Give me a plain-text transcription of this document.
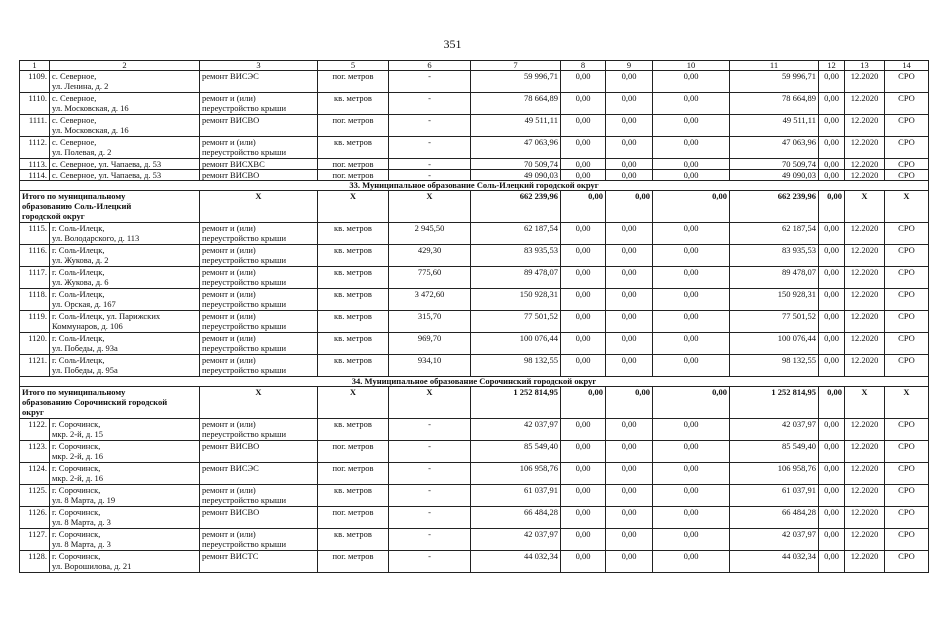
351
1	2	3	5	6	7	8	9	10	11	12	13	14
1109.	с. Северное,
ул. Ленина, д. 2	ремонт ВИСЭС	пог. метров	-	59 996,71	0,00	0,00	0,00	59 996,71	0,00	12.2020	СРО
1110.	с. Северное,
ул. Московская, д. 16	ремонт и (или)
переустройство крыши	кв. метров	-	78 664,89	0,00	0,00	0,00	78 664,89	0,00	12.2020	СРО
1111.	с. Северное,
ул. Московская, д. 16	ремонт ВИСВО	пог. метров	-	49 511,11	0,00	0,00	0,00	49 511,11	0,00	12.2020	СРО
1112.	с. Северное,
ул. Полевая, д. 2	ремонт и (или)
переустройство крыши	кв. метров	-	47 063,96	0,00	0,00	0,00	47 063,96	0,00	12.2020	СРО
1113.	с. Северное, ул. Чапаева, д. 53	ремонт ВИСХВС	пог. метров	-	70 509,74	0,00	0,00	0,00	70 509,74	0,00	12.2020	СРО
1114.	с. Северное, ул. Чапаева, д. 53	ремонт ВИСВО	пог. метров	-	49 090,03	0,00	0,00	0,00	49 090,03	0,00	12.2020	СРО
33. Муниципальное образование Соль-Илецкий городской округ												
Итого по муниципальному
образованию Соль-Илецкий
городской округ		Х	Х	Х	662 239,96	0,00	0,00	0,00	662 239,96	0,00	Х	Х
1115.	г. Соль-Илецк,
ул. Володарского, д. 113	ремонт и (или)
переустройство крыши	кв. метров	2 945,50	62 187,54	0,00	0,00	0,00	62 187,54	0,00	12.2020	СРО
1116.	г. Соль-Илецк,
ул. Жукова, д. 2	ремонт и (или)
переустройство крыши	кв. метров	429,30	83 935,53	0,00	0,00	0,00	83 935,53	0,00	12.2020	СРО
1117.	г. Соль-Илецк,
ул. Жукова, д. 6	ремонт и (или)
переустройство крыши	кв. метров	775,60	89 478,07	0,00	0,00	0,00	89 478,07	0,00	12.2020	СРО
1118.	г. Соль-Илецк,
ул. Орская, д. 167	ремонт и (или)
переустройство крыши	кв. метров	3 472,60	150 928,31	0,00	0,00	0,00	150 928,31	0,00	12.2020	СРО
1119.	г. Соль-Илецк, ул. Парижских
Коммунаров, д. 106	ремонт и (или)
переустройство крыши	кв. метров	315,70	77 501,52	0,00	0,00	0,00	77 501,52	0,00	12.2020	СРО
1120.	г. Соль-Илецк,
ул. Победы, д. 93а	ремонт и (или)
переустройство крыши	кв. метров	969,70	100 076,44	0,00	0,00	0,00	100 076,44	0,00	12.2020	СРО
1121.	г. Соль-Илецк,
ул. Победы, д. 95а	ремонт и (или)
переустройство крыши	кв. метров	934,10	98 132,55	0,00	0,00	0,00	98 132,55	0,00	12.2020	СРО
34. Муниципальное образование Сорочинский городской округ												
Итого по муниципальному
образованию Сорочинский городской
округ		Х	Х	Х	1 252 814,95	0,00	0,00	0,00	1 252 814,95	0,00	Х	Х
1122.	г. Сорочинск,
мкр. 2-й, д. 15	ремонт и (или)
переустройство крыши	кв. метров	-	42 037,97	0,00	0,00	0,00	42 037,97	0,00	12.2020	СРО
1123.	г. Сорочинск,
мкр. 2-й, д. 16	ремонт ВИСВО	пог. метров	-	85 549,40	0,00	0,00	0,00	85 549,40	0,00	12.2020	СРО
1124.	г. Сорочинск,
мкр. 2-й, д. 16	ремонт ВИСЭС	пог. метров	-	106 958,76	0,00	0,00	0,00	106 958,76	0,00	12.2020	СРО
1125.	г. Сорочинск,
ул. 8 Марта, д. 19	ремонт и (или)
переустройство крыши	кв. метров	-	61 037,91	0,00	0,00	0,00	61 037,91	0,00	12.2020	СРО
1126.	г. Сорочинск,
ул. 8 Марта, д. 3	ремонт ВИСВО	пог. метров	-	66 484,28	0,00	0,00	0,00	66 484,28	0,00	12.2020	СРО
1127.	г. Сорочинск,
ул. 8 Марта, д. 3	ремонт и (или)
переустройство крыши	кв. метров	-	42 037,97	0,00	0,00	0,00	42 037,97	0,00	12.2020	СРО
1128.	г. Сорочинск,
ул. Ворошилова, д. 21	ремонт ВИСТС	пог. метров	-	44 032,34	0,00	0,00	0,00	44 032,34	0,00	12.2020	СРО
